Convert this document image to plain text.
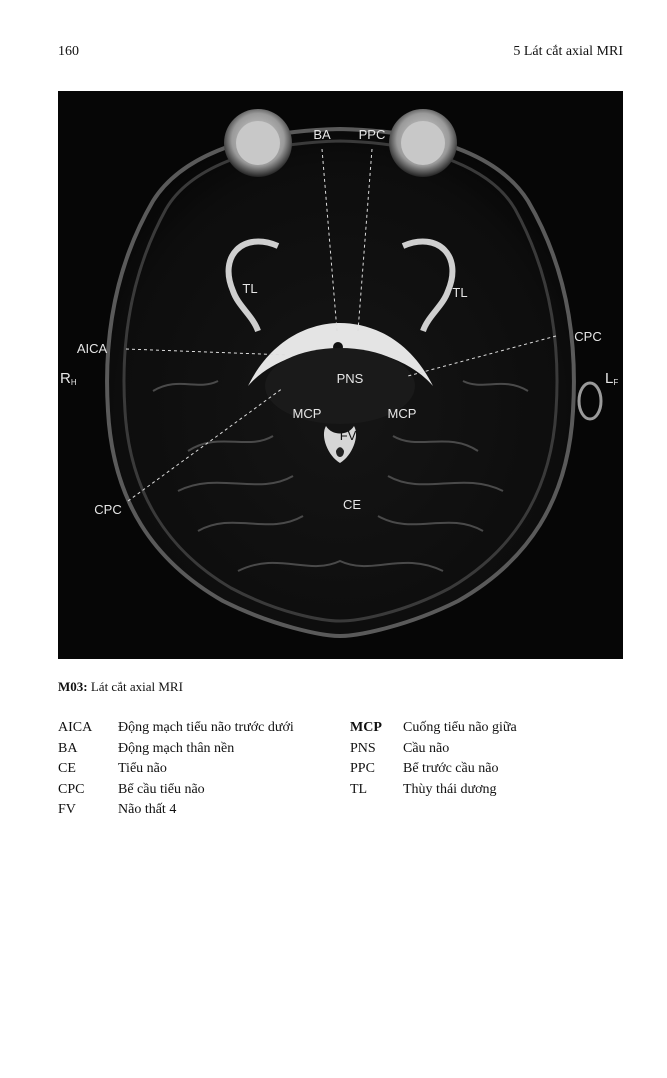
160	5 Lát cắt axial MRI
BA PPC
TL	TL
AICA
CPC
CPC
PNS
MCP	MCP
FV
CE
RH	LF
M03: Lát cắt axial MRI
AICA	Động mạch tiểu não trước dưới
BA	Động mạch thân nền
CE	Tiểu não
CPC	Bể cầu tiểu não
FV	Não thất 4
MCP	Cuống tiểu não giữa
PNS	Cầu não
PPC	Bể trước cầu não
TL	Thùy thái dương
